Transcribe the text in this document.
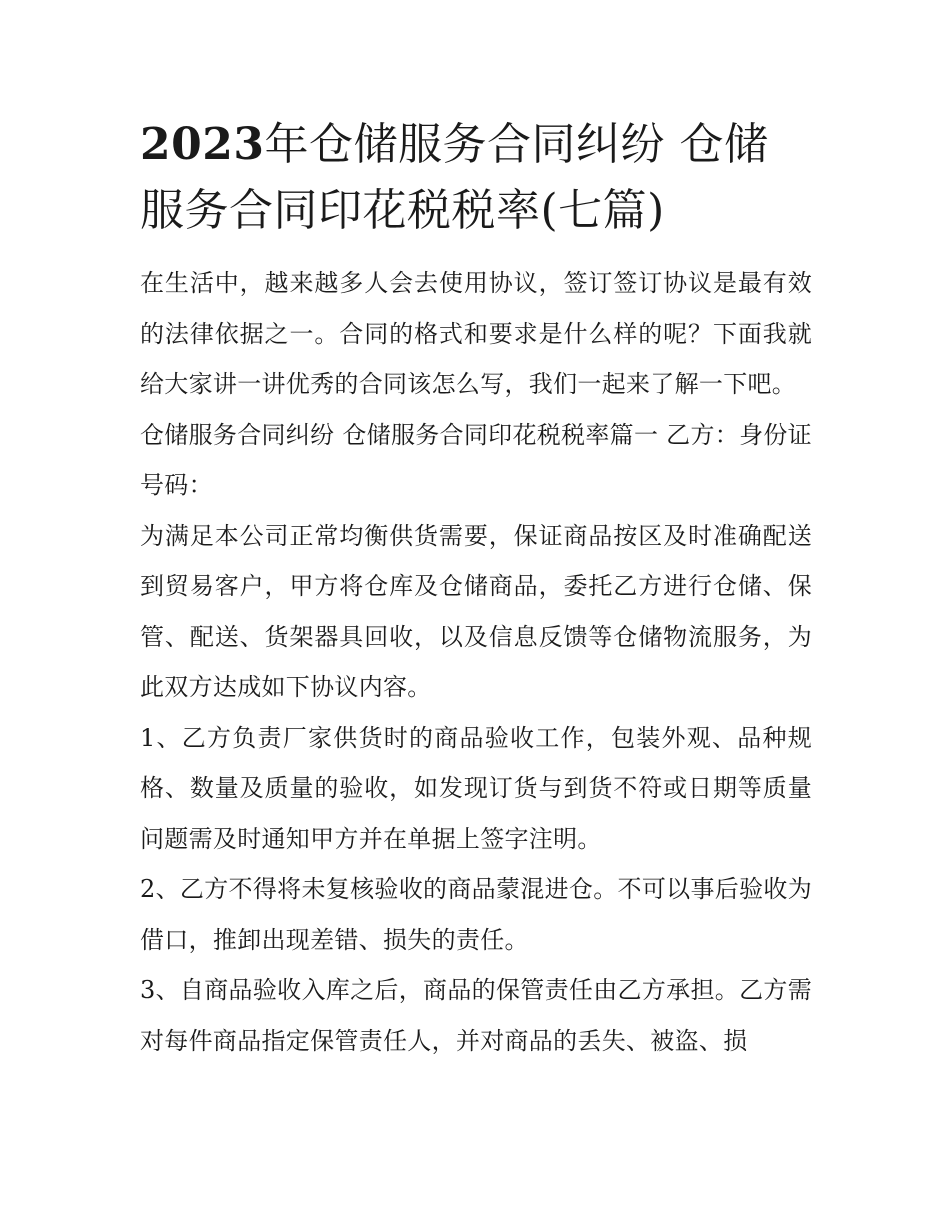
2023年仓储服务合同纠纷 仓储服务合同印花税税率(七篇)

在生活中，越来越多人会去使用协议，签订签订协议是最有效的法律依据之一。合同的格式和要求是什么样的呢？下面我就给大家讲一讲优秀的合同该怎么写，我们一起来了解一下吧。

仓储服务合同纠纷 仓储服务合同印花税税率篇一 乙方：身份证号码：

为满足本公司正常均衡供货需要，保证商品按区及时准确配送到贸易客户，甲方将仓库及仓储商品，委托乙方进行仓储、保管、配送、货架器具回收，以及信息反馈等仓储物流服务，为此双方达成如下协议内容。

1、乙方负责厂家供货时的商品验收工作，包装外观、品种规格、数量及质量的验收，如发现订货与到货不符或日期等质量问题需及时通知甲方并在单据上签字注明。

2、乙方不得将未复核验收的商品蒙混进仓。不可以事后验收为借口，推卸出现差错、损失的责任。

3、自商品验收入库之后，商品的保管责任由乙方承担。乙方需对每件商品指定保管责任人，并对商品的丢失、被盗、损
